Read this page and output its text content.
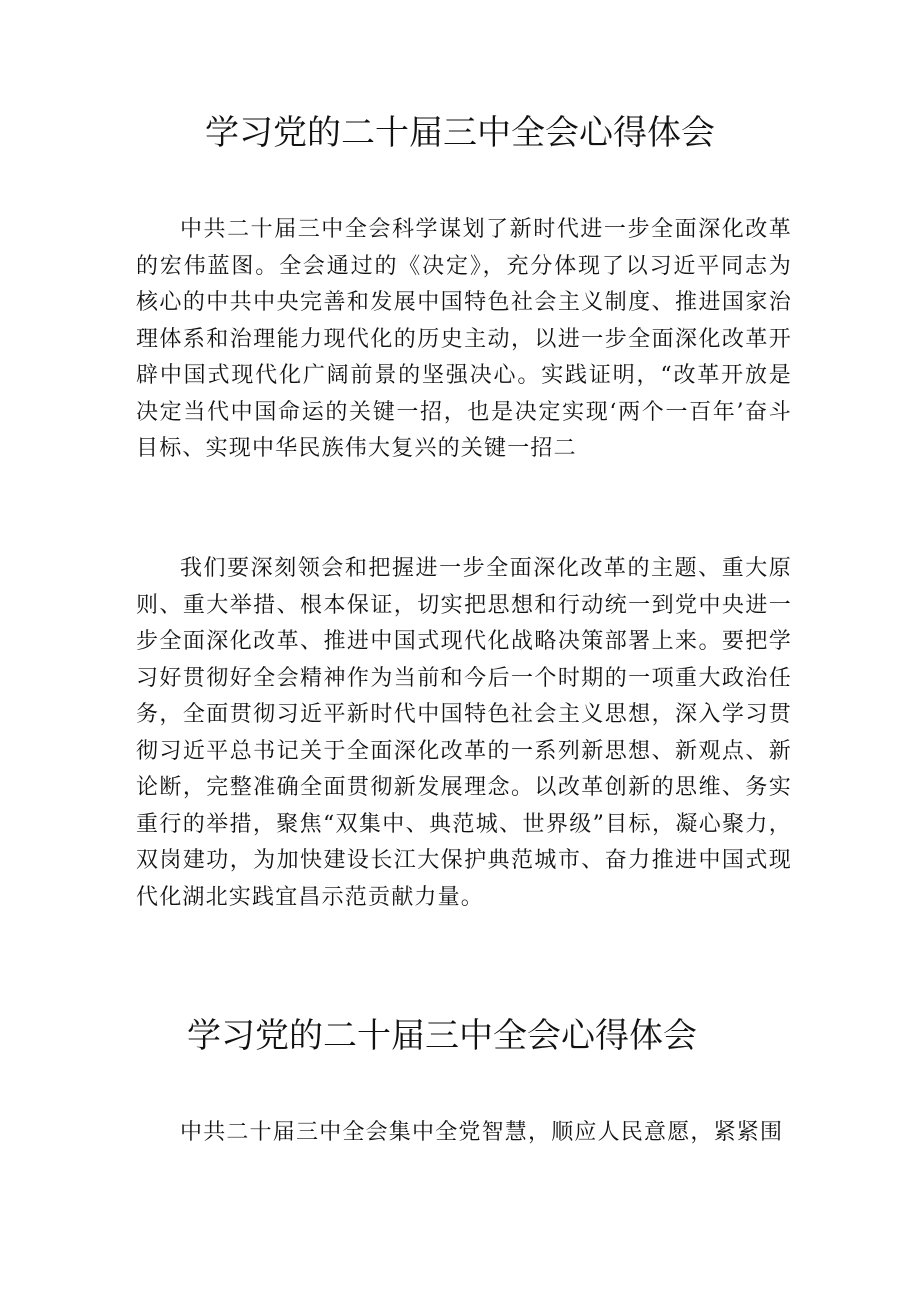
学习党的二十届三中全会心得体会

中共二十届三中全会科学谋划了新时代进一步全面深化改革的宏伟蓝图。全会通过的《决定》，充分体现了以习近平同志为核心的中共中央完善和发展中国特色社会主义制度、推进国家治理体系和治理能力现代化的历史主动，以进一步全面深化改革开辟中国式现代化广阔前景的坚强决心。实践证明，“改革开放是决定当代中国命运的关键一招，也是决定实现‘两个一百年’奋斗目标、实现中华民族伟大复兴的关键一招二

我们要深刻领会和把握进一步全面深化改革的主题、重大原则、重大举措、根本保证，切实把思想和行动统一到党中央进一步全面深化改革、推进中国式现代化战略决策部署上来。要把学习好贯彻好全会精神作为当前和今后一个时期的一项重大政治任务，全面贯彻习近平新时代中国特色社会主义思想，深入学习贯彻习近平总书记关于全面深化改革的一系列新思想、新观点、新论断，完整准确全面贯彻新发展理念。以改革创新的思维、务实重行的举措，聚焦“双集中、典范城、世界级”目标，凝心聚力，双岗建功，为加快建设长江大保护典范城市、奋力推进中国式现代化湖北实践宜昌示范贡献力量。

学习党的二十届三中全会心得体会

中共二十届三中全会集中全党智慧，顺应人民意愿，紧紧围
